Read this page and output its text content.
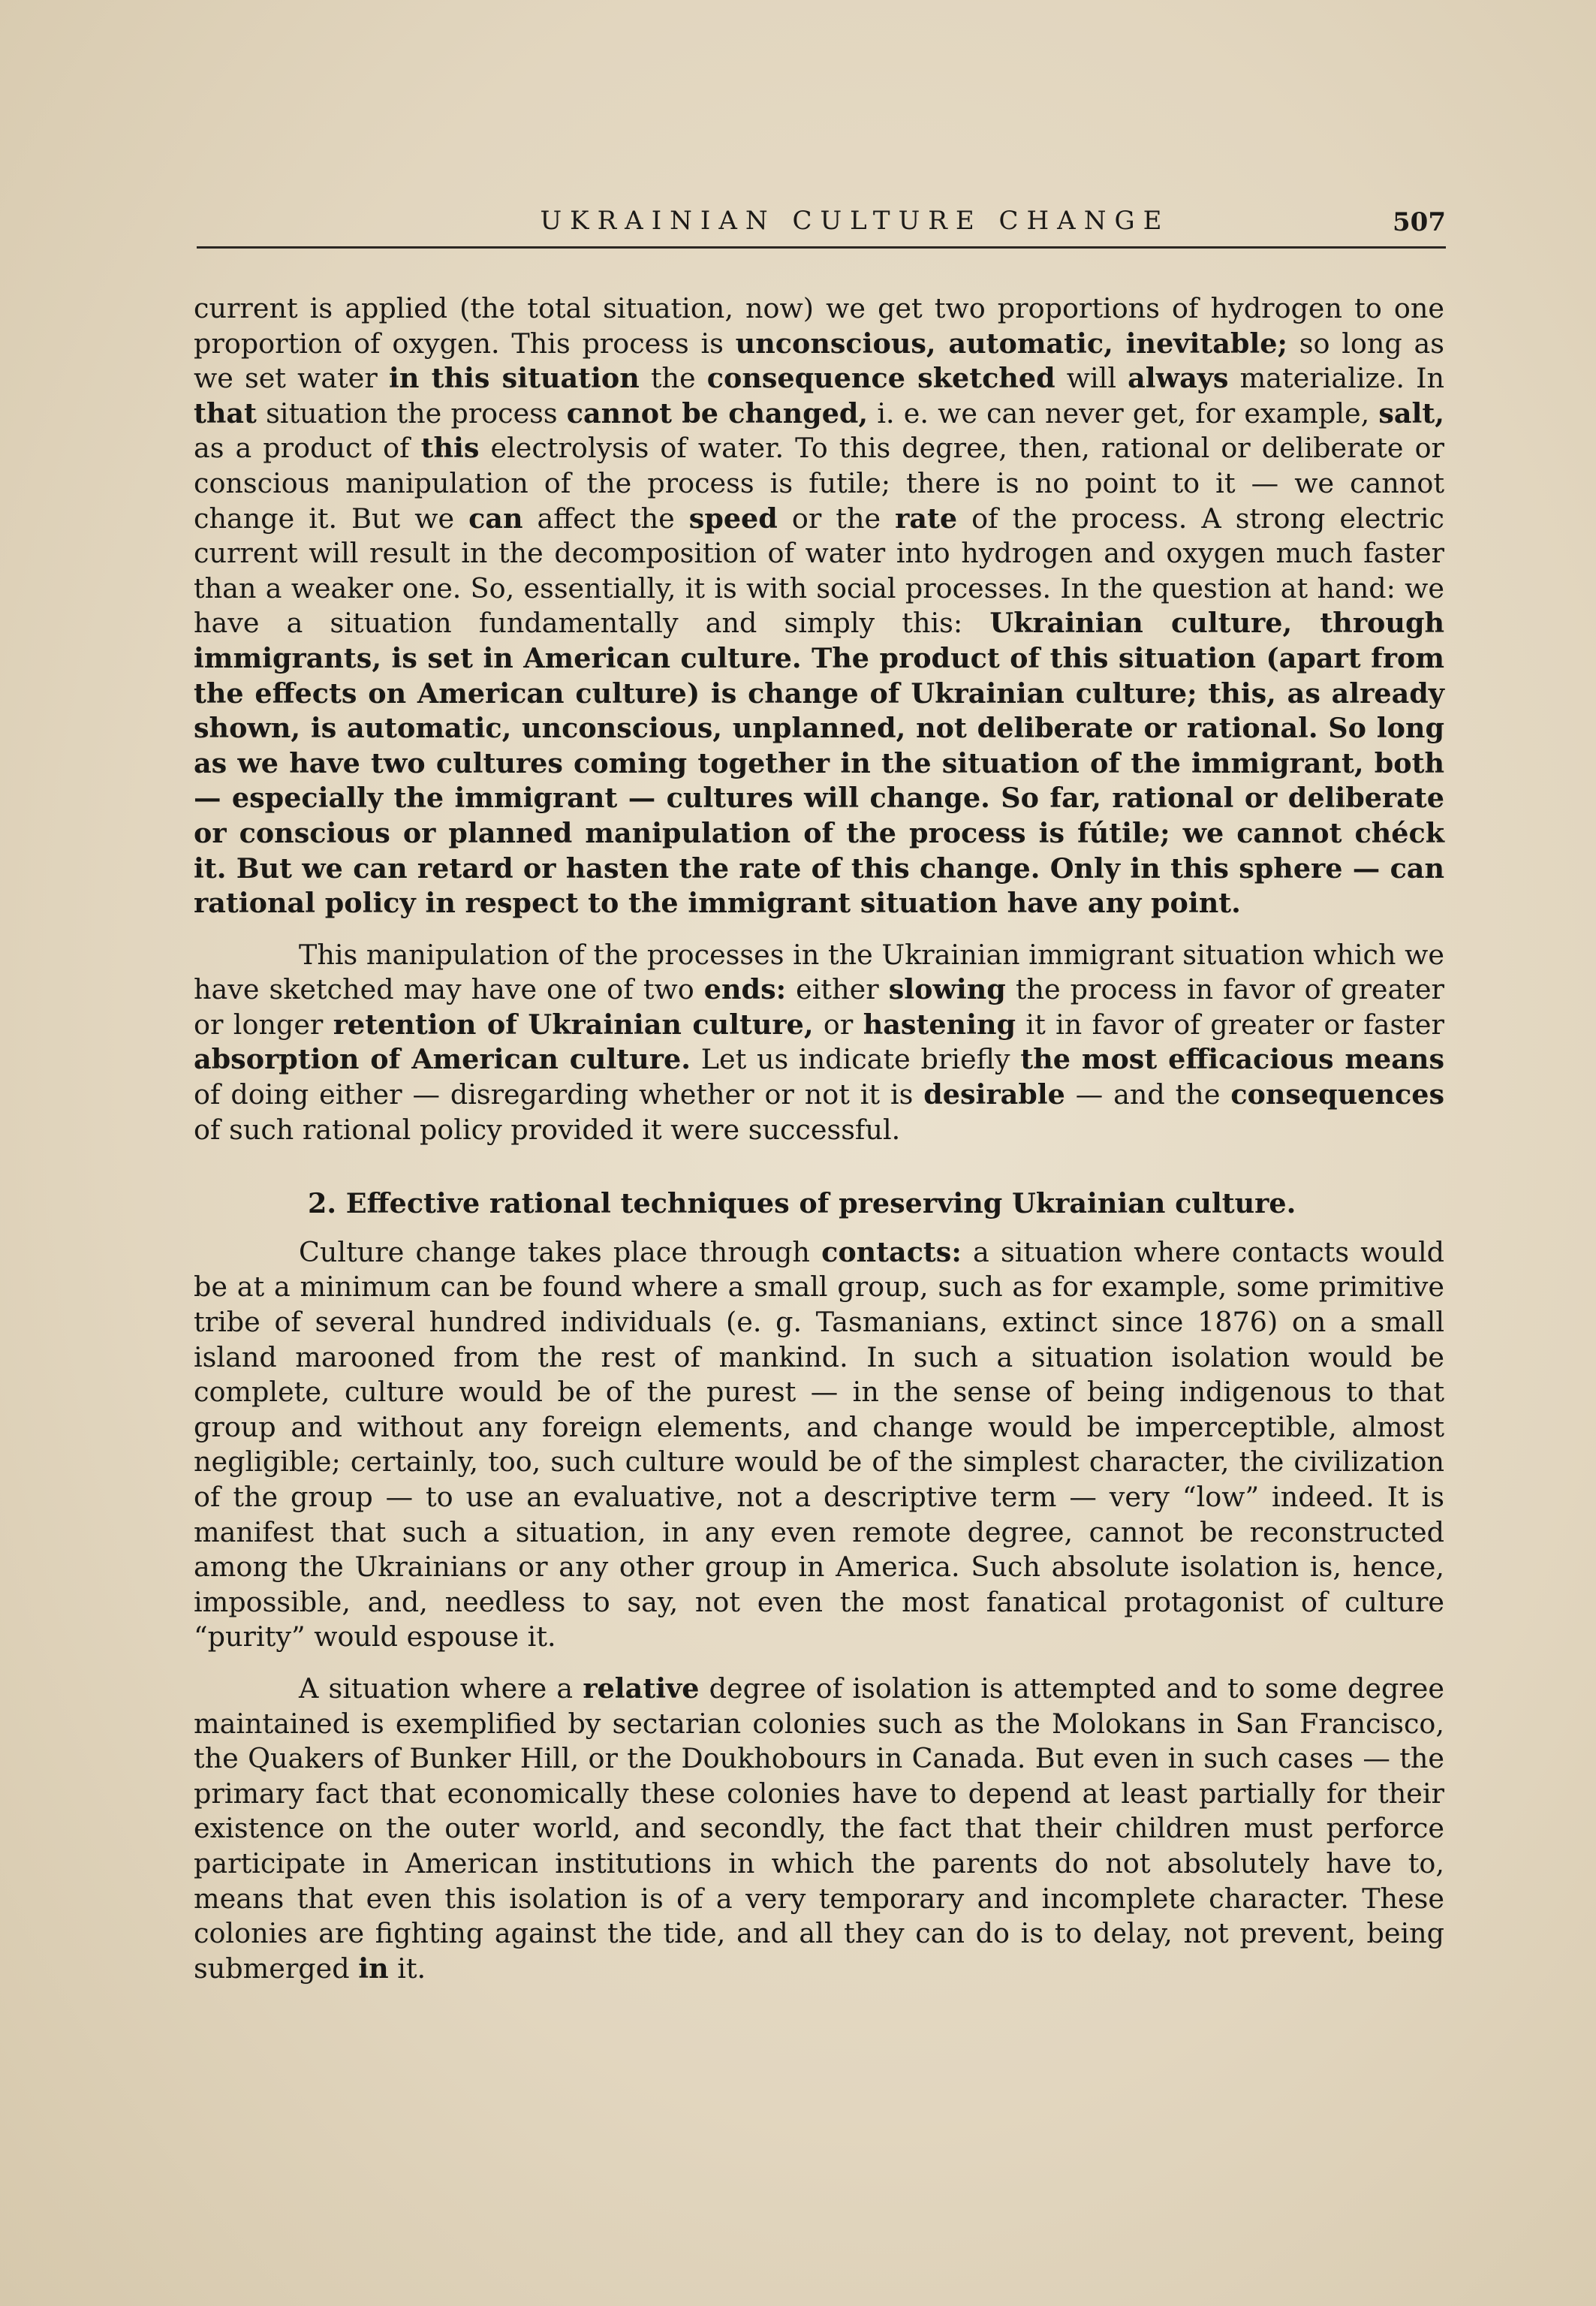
UKRAINIAN CULTURE CHANGE	507

current is applied (the total situation, now) we get two proportions of hydrogen to one proportion of oxygen. This process is unconscious, automatic, inevitable; so long as we set water in this situation the consequence sketched will always materialize. In that situation the process cannot be changed, i. e. we can never get, for example, salt, as a product of this electrolysis of water. To this degree, then, rational or deliberate or conscious manipulation of the process is futile; there is no point to it — we cannot change it. But we can affect the speed or the rate of the process. A strong electric current will result in the decomposition of water into hydrogen and oxygen much faster than a weaker one. So, essentially, it is with social processes. In the question at hand: we have a situation fundamentally and simply this: Ukrainian culture, through immigrants, is set in American culture. The product of this situation (apart from the effects on American culture) is change of Ukrainian culture; this, as already shown, is automatic, unconscious, unplanned, not deliberate or rational. So long as we have two cultures coming together in the situation of the immigrant, both — especially the immigrant — cultures will change. So far, rational or deliberate or conscious or planned manipulation of the process is fútile; we cannot chéck it. But we can retard or hasten the rate of this change. Only in this sphere — can rational policy in respect to the immigrant situation have any point.

This manipulation of the processes in the Ukrainian immigrant situation which we have sketched may have one of two ends: either slowing the process in favor of greater or longer retention of Ukrainian culture, or hastening it in favor of greater or faster absorption of American culture. Let us indicate briefly the most efficacious means of doing either — disregarding whether or not it is desirable — and the consequences of such rational policy provided it were successful.

2. Effective rational techniques of preserving Ukrainian culture.

Culture change takes place through contacts: a situation where contacts would be at a minimum can be found where a small group, such as for example, some primitive tribe of several hundred individuals (e. g. Tasmanians, extinct since 1876) on a small island marooned from the rest of mankind. In such a situation isolation would be complete, culture would be of the purest — in the sense of being indigenous to that group and without any foreign elements, and change would be imperceptible, almost negligible; certainly, too, such culture would be of the simplest character, the civilization of the group — to use an evaluative, not a descriptive term — very “low” indeed. It is manifest that such a situation, in any even remote degree, cannot be reconstructed among the Ukrainians or any other group in America. Such absolute isolation is, hence, impossible, and, needless to say, not even the most fanatical protagonist of culture “purity” would espouse it.

A situation where a relative degree of isolation is attempted and to some degree maintained is exemplified by sectarian colonies such as the Molokans in San Francisco, the Quakers of Bunker Hill, or the Doukhobours in Canada. But even in such cases — the primary fact that economically these colonies have to depend at least partially for their existence on the outer world, and secondly, the fact that their children must perforce participate in American institutions in which the parents do not absolutely have to, means that even this isolation is of a very temporary and incomplete character. These colonies are fighting against the tide, and all they can do is to delay, not prevent, being submerged in it.
